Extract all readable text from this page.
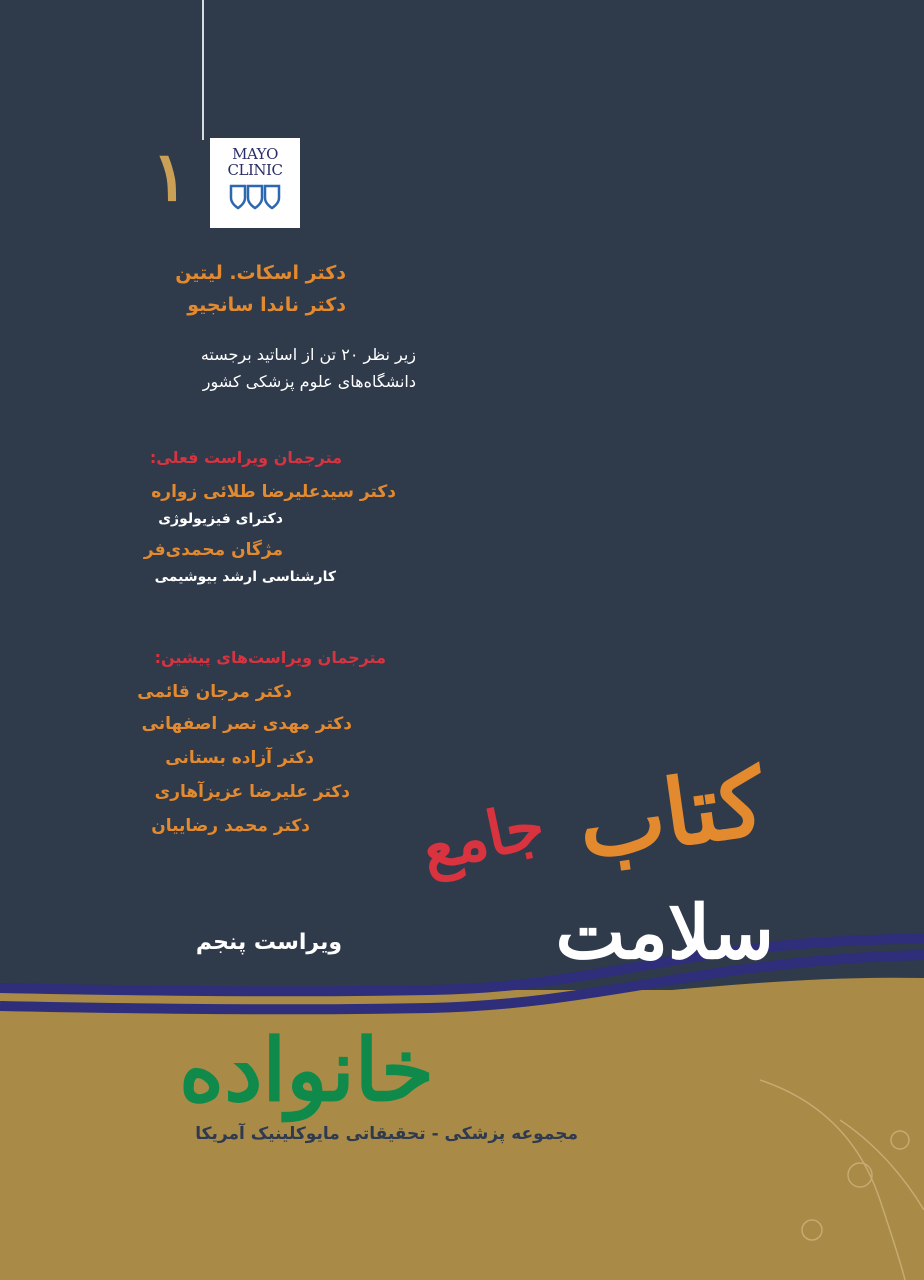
MAYO
CLINIC
۱
دکتر اسکات. لیتین
دکتر ناندا سانجیو
زیر نظر ۲۰ تن از اساتید برجسته
دانشگاه‌های علوم پزشکی کشور
مترجمان ویراست فعلی:
دکتر سیدعلیرضا طلائی زواره
دکترای فیزیولوژی
مژگان محمدی‌فر
کارشناسی ارشد بیوشیمی
مترجمان ویراست‌های پیشین:
دکتر مرجان قائمی
دکتر مهدی نصر اصفهانی
دکتر آزاده بستانی
دکتر علیرضا عزیزآهاری
دکتر محمد رضاییان
ویراست پنجم
جامع کتاب
سلامت
خانواده
مجموعه پزشکی - تحقیقاتی مایوکلینیک آمریکا
